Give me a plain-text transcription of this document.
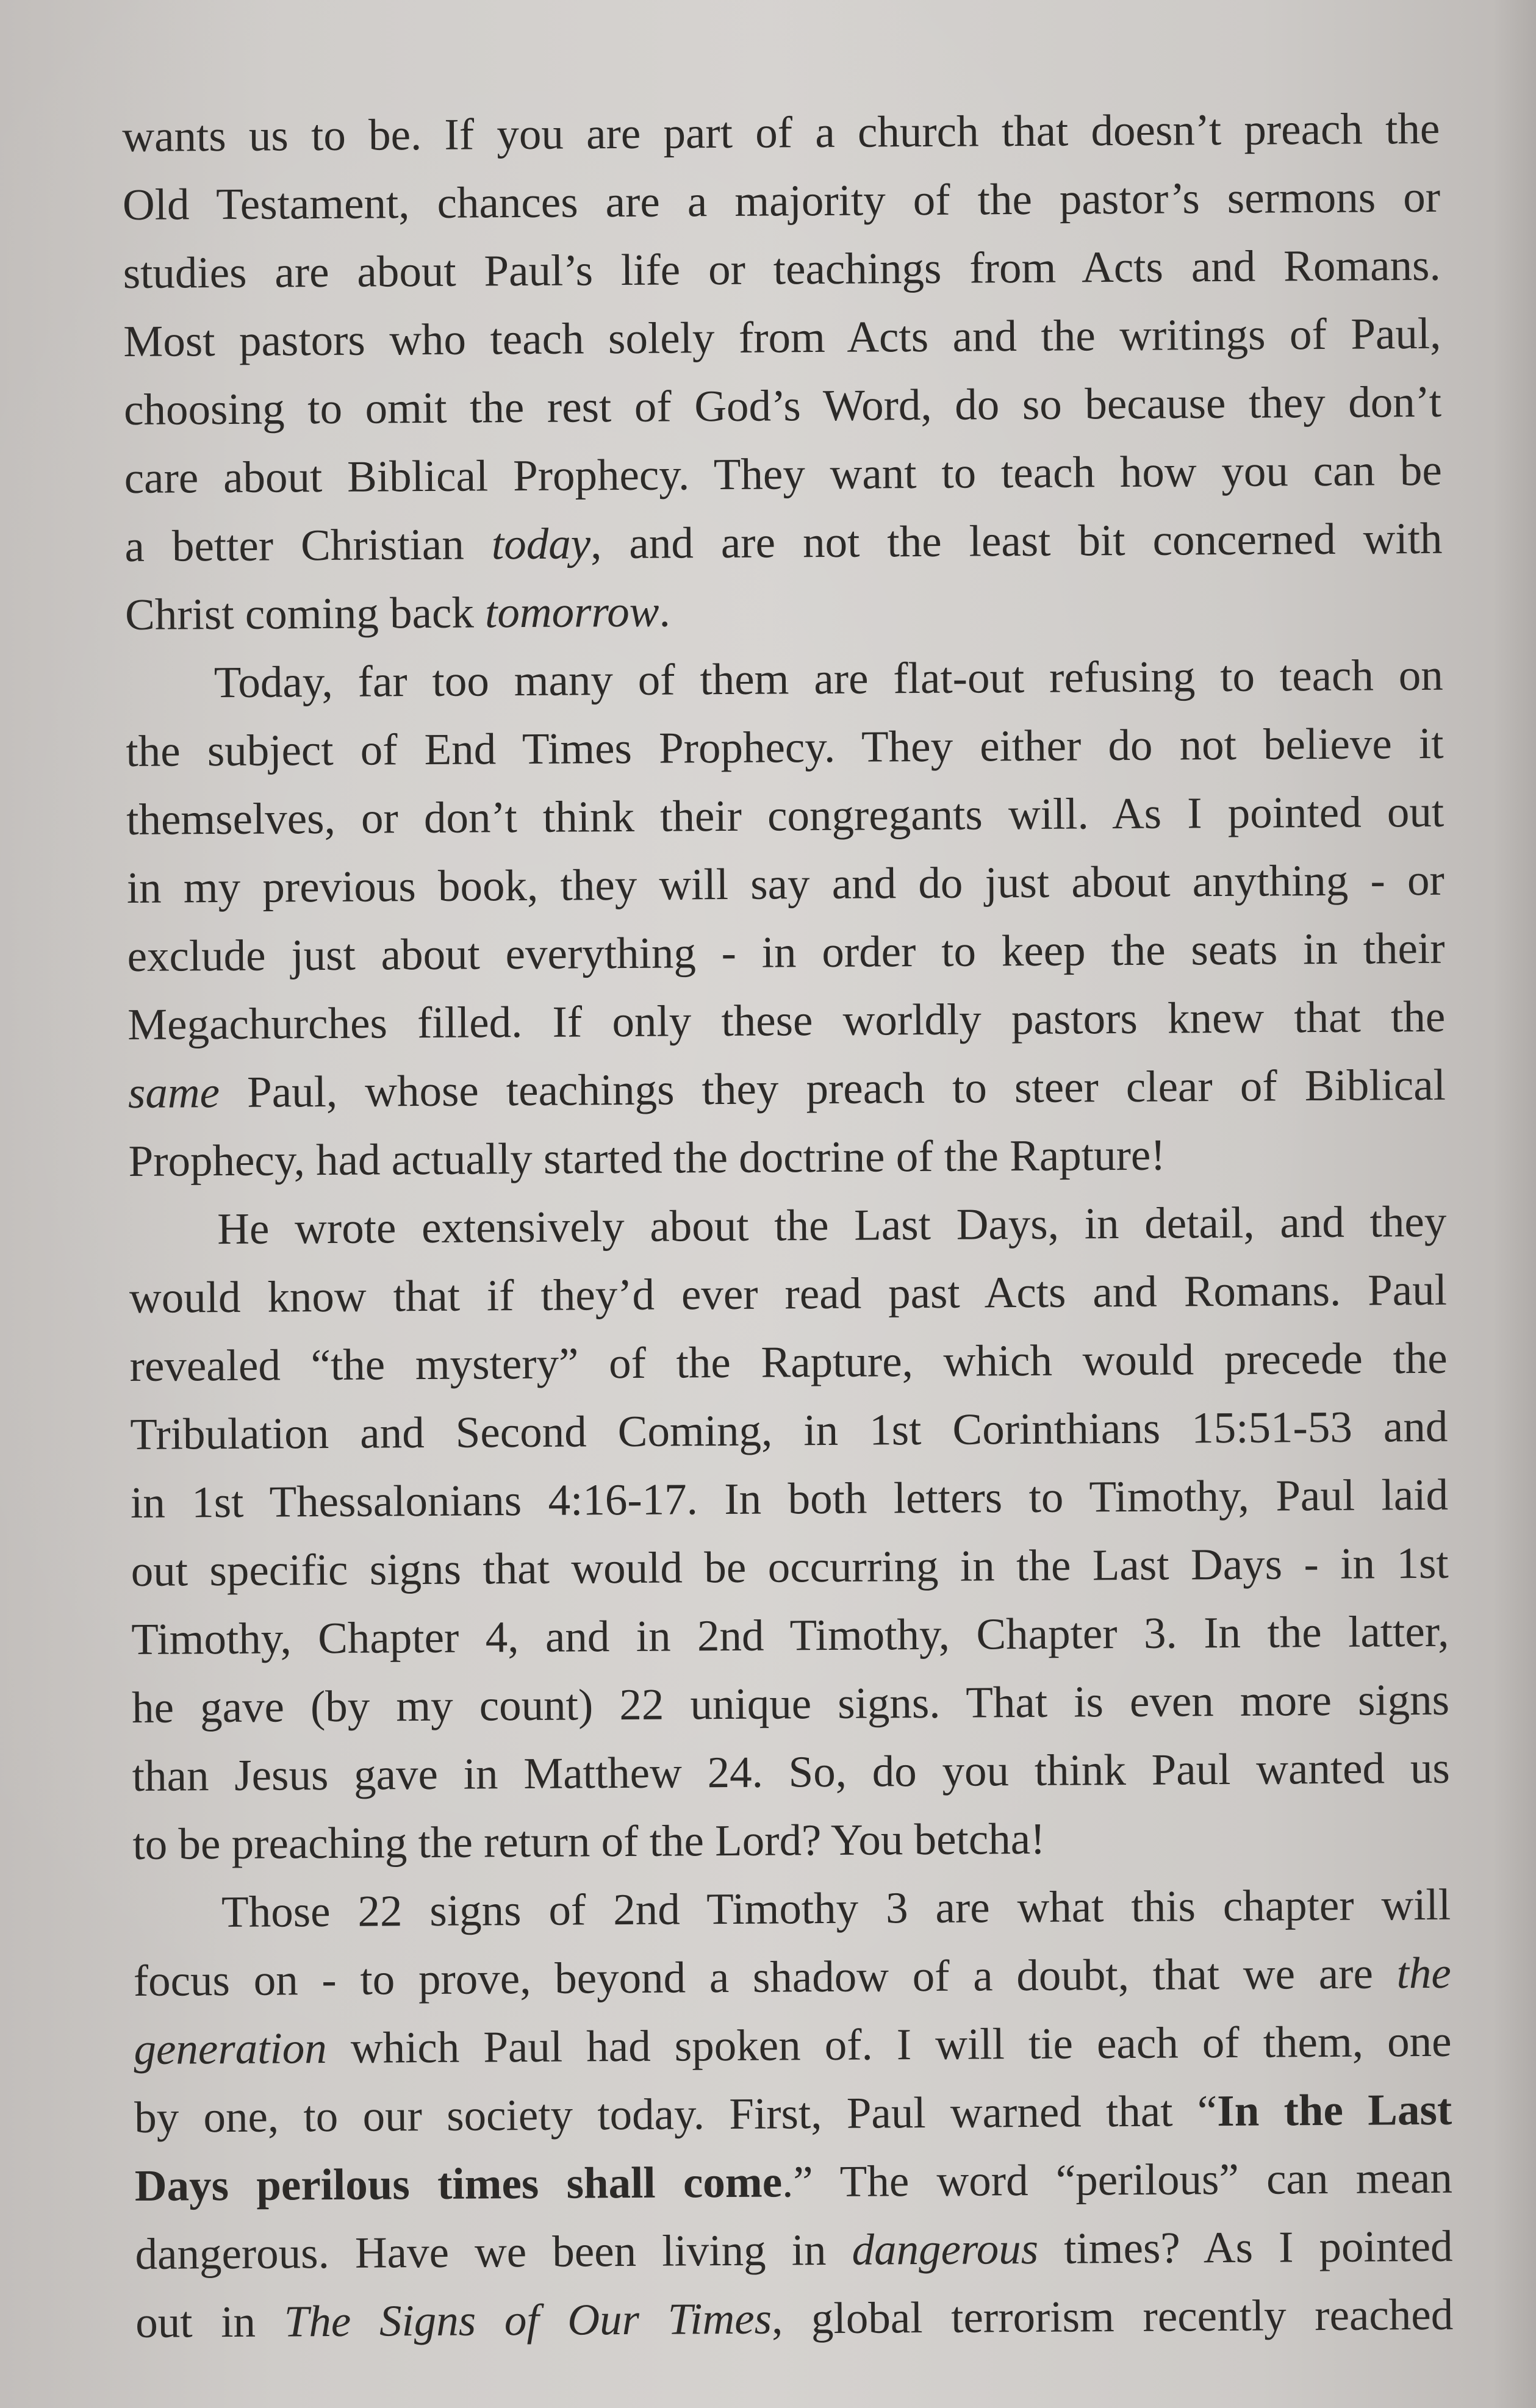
wants us to be. If you are part of a church that doesn’t preach the
Old Testament, chances are a majority of the pastor’s sermons or
studies are about Paul’s life or teachings from Acts and Romans.
Most pastors who teach solely from Acts and the writings of Paul,
choosing to omit the rest of God’s Word, do so because they don’t
care about Biblical Prophecy. They want to teach how you can be
a better Christian today, and are not the least bit concerned with
Christ coming back tomorrow.
Today, far too many of them are flat-out refusing to teach on
the subject of End Times Prophecy. They either do not believe it
themselves, or don’t think their congregants will. As I pointed out
in my previous book, they will say and do just about anything - or
exclude just about everything - in order to keep the seats in their
Megachurches filled. If only these worldly pastors knew that the
same Paul, whose teachings they preach to steer clear of Biblical
Prophecy, had actually started the doctrine of the Rapture!
He wrote extensively about the Last Days, in detail, and they
would know that if they’d ever read past Acts and Romans. Paul
revealed “the mystery” of the Rapture, which would precede the
Tribulation and Second Coming, in 1st Corinthians 15:51-53 and
in 1st Thessalonians 4:16-17. In both letters to Timothy, Paul laid
out specific signs that would be occurring in the Last Days - in 1st
Timothy, Chapter 4, and in 2nd Timothy, Chapter 3. In the latter,
he gave (by my count) 22 unique signs. That is even more signs
than Jesus gave in Matthew 24. So, do you think Paul wanted us
to be preaching the return of the Lord? You betcha!
Those 22 signs of 2nd Timothy 3 are what this chapter will
focus on - to prove, beyond a shadow of a doubt, that we are the
generation which Paul had spoken of. I will tie each of them, one
by one, to our society today. First, Paul warned that “In the Last
Days perilous times shall come.” The word “perilous” can mean
dangerous. Have we been living in dangerous times? As I pointed
out in The Signs of Our Times, global terrorism recently reached
